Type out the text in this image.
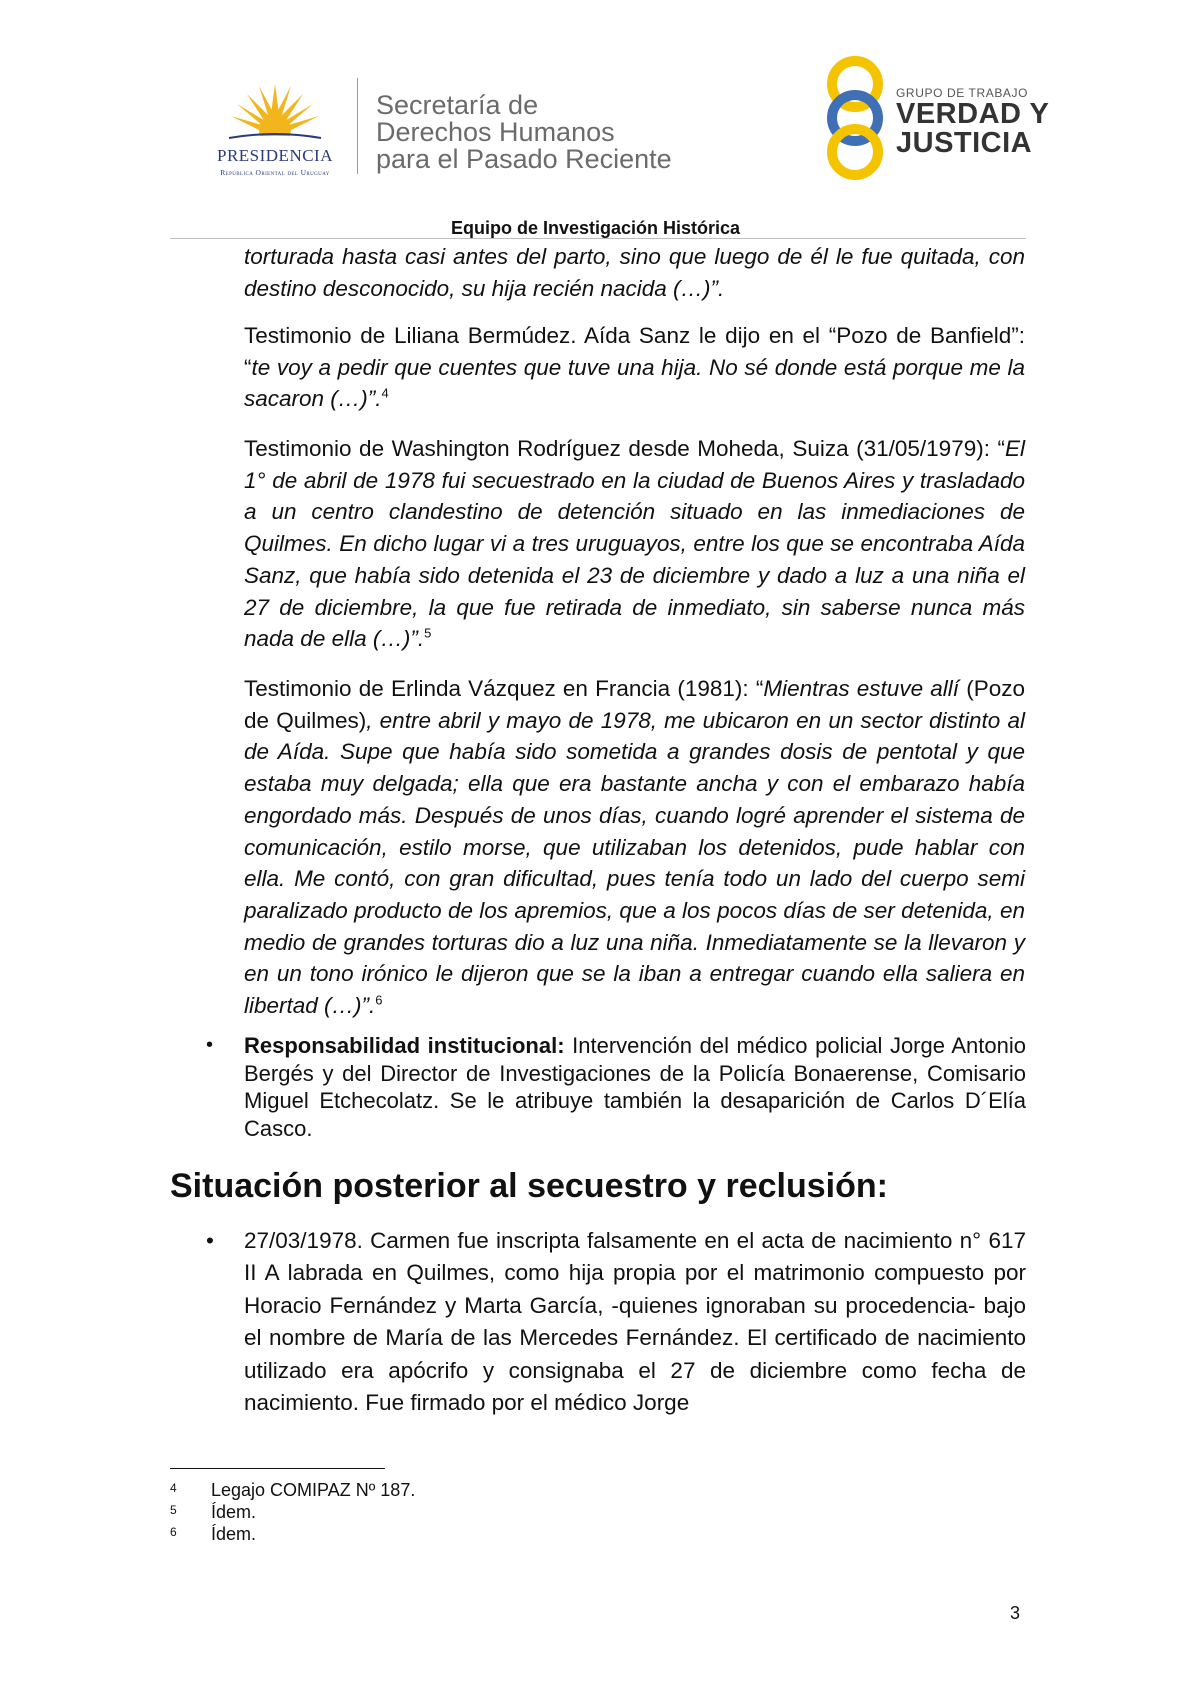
PRESIDENCIA
República Oriental del Uruguay
Secretaría de
Derechos Humanos
para el Pasado Reciente
GRUPO DE TRABAJO
VERDAD Y
JUSTICIA
Equipo de Investigación Histórica
torturada hasta casi antes del parto, sino que luego de él le fue quitada, con destino desconocido, su hija recién nacida (…)”.
Testimonio de Liliana Bermúdez. Aída Sanz le dijo en el “Pozo de Banfield”: “te voy a pedir que cuentes que tuve una hija. No sé donde está porque me la sacaron (…)”.$^4$
Testimonio de Washington Rodríguez desde Moheda, Suiza (31/05/1979): “El 1° de abril de 1978 fui secuestrado en la ciudad de Buenos Aires y trasladado a un centro clandestino de detención situado en las inmediaciones de Quilmes. En dicho lugar vi a tres uruguayos, entre los que se encontraba Aída Sanz, que había sido detenida el 23 de diciembre y dado a luz a una niña el 27 de diciembre, la que fue retirada de inmediato, sin saberse nunca más nada de ella (…)”.$^5$
Testimonio de Erlinda Vázquez en Francia (1981): “Mientras estuve allí (Pozo de Quilmes), entre abril y mayo de 1978, me ubicaron en un sector distinto al de Aída. Supe que había sido sometida a grandes dosis de pentotal y que estaba muy delgada; ella que era bastante ancha y con el embarazo había engordado más. Después de unos días, cuando logré aprender el sistema de comunicación, estilo morse, que utilizaban los detenidos, pude hablar con ella. Me contó, con gran dificultad, pues tenía todo un lado del cuerpo semi paralizado producto de los apremios, que a los pocos días de ser detenida, en medio de grandes torturas dio a luz una niña. Inmediatamente se la llevaron y en un tono irónico le dijeron que se la iban a entregar cuando ella saliera en libertad (…)”.$^6$
•	Responsabilidad institucional: Intervención del médico policial Jorge Antonio Bergés y del Director de Investigaciones de la Policía Bonaerense, Comisario Miguel Etchecolatz. Se le atribuye también la desaparición de Carlos D´Elía Casco.
Situación posterior al secuestro y reclusión:
•	27/03/1978. Carmen fue inscripta falsamente en el acta de nacimiento n° 617 II A labrada en Quilmes, como hija propia por el matrimonio compuesto por Horacio Fernández y Marta García, -quienes ignoraban su procedencia- bajo el nombre de María de las Mercedes Fernández. El certificado de nacimiento utilizado era apócrifo y consignaba el 27 de diciembre como fecha de nacimiento. Fue firmado por el médico Jorge
4	Legajo COMIPAZ Nº 187.
5	Ídem.
6	Ídem.
3
